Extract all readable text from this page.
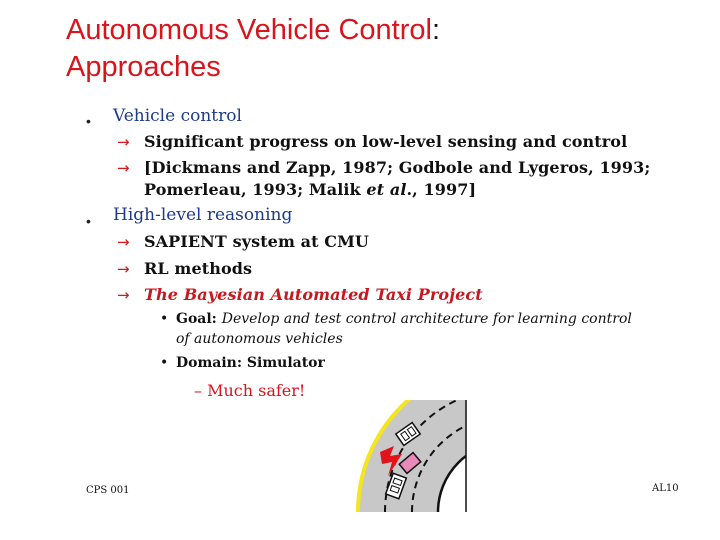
Autonomous Vehicle Control:
Approaches
• Vehicle control
→ Significant progress on low-level sensing and control
→ [Dickmans and Zapp, 1987; Godbole and Lygeros, 1993;
Pomerleau, 1993; Malik et al., 1997]
• High-level reasoning
→ SAPIENT system at CMU
→ RL methods
→ The Bayesian Automated Taxi Project
• Goal: Develop and test control architecture for learning control
of autonomous vehicles
• Domain: Simulator
– Much safer!
CPS 001	AL10
